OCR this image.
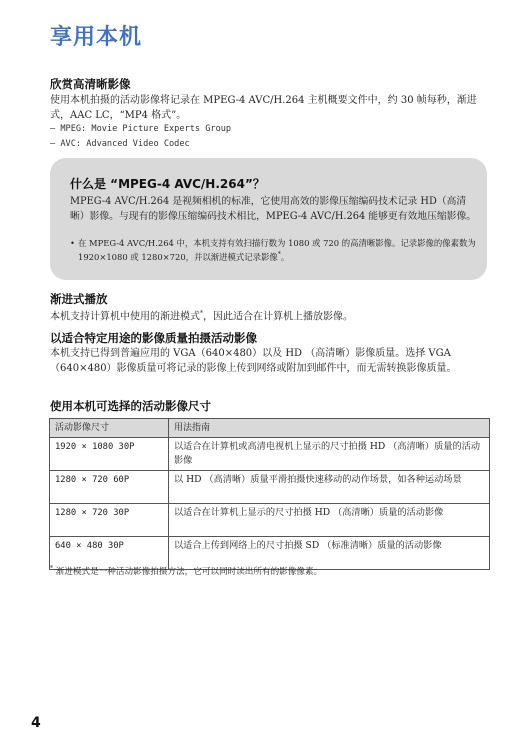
享用本机
欣赏高清晰影像
使用本机拍摄的活动影像将记录在 MPEG-4 AVC/H.264 主机概要文件中，约 30 帧每秒，渐进式，AAC LC，“MP4 格式”。
– MPEG: Movie Picture Experts Group
– AVC: Advanced Video Codec
什么是 “MPEG-4 AVC/H.264”？
MPEG-4 AVC/H.264 是视频相机的标准，它使用高效的影像压缩编码技术记录 HD（高清晰）影像。与现有的影像压缩编码技术相比，MPEG-4 AVC/H.264 能够更有效地压缩影像。
• 在 MPEG-4 AVC/H.264 中，本机支持有效扫描行数为 1080 或 720 的高清晰影像。记录影像的像素数为 1920×1080 或 1280×720，并以渐进模式记录影像*。
渐进式播放
本机支持计算机中使用的渐进模式*，因此适合在计算机上播放影像。
以适合特定用途的影像质量拍摄活动影像
本机支持已得到普遍应用的 VGA（640×480）以及 HD （高清晰）影像质量。选择 VGA（640×480）影像质量可将记录的影像上传到网络或附加到邮件中，而无需转换影像质量。
使用本机可选择的活动影像尺寸
活动影像尺寸	用法指南
1920 × 1080 30P	以适合在计算机或高清电视机上显示的尺寸拍摄 HD （高清晰）质量的活动影像
1280 × 720 60P	以 HD （高清晰）质量平滑拍摄快速移动的动作场景，如各种运动场景
1280 × 720 30P	以适合在计算机上显示的尺寸拍摄 HD （高清晰）质量的活动影像
640 × 480 30P	以适合上传到网络上的尺寸拍摄 SD （标准清晰）质量的活动影像
* 渐进模式是一种活动影像拍摄方法，它可以同时读出所有的影像像素。
4
